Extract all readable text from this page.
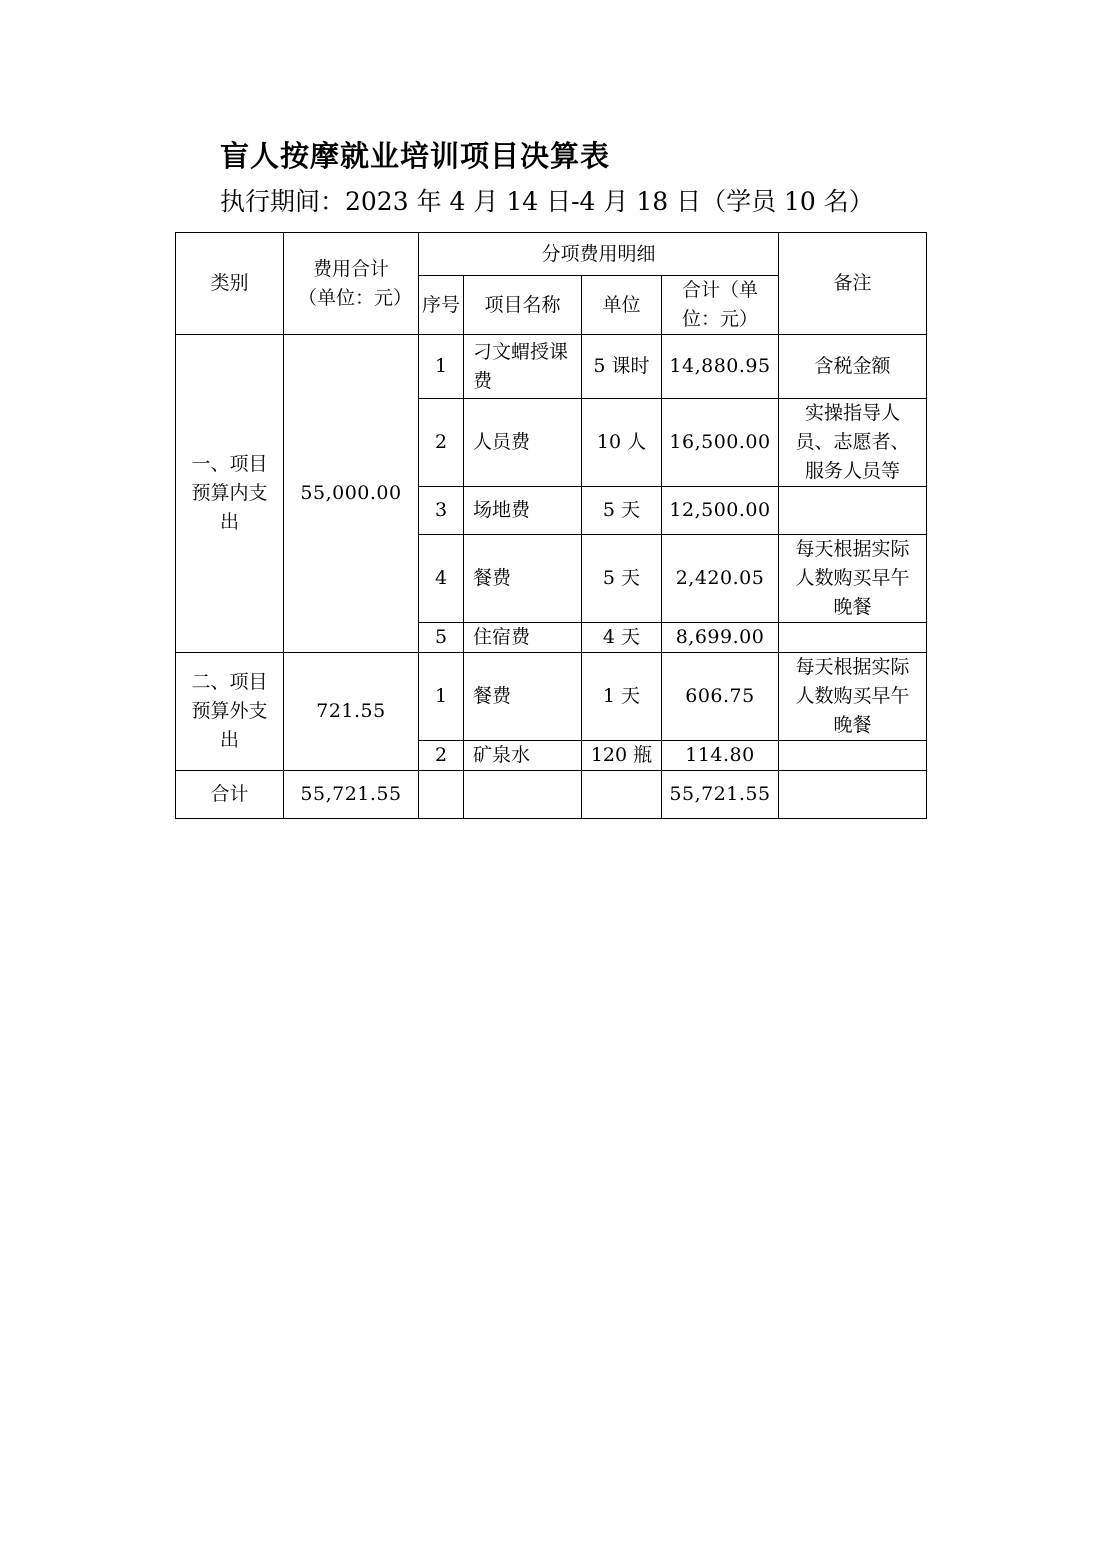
盲人按摩就业培训项目决算表
执行期间：2023 年 4 月 14 日-4 月 18 日（学员 10 名）
类别	费用合计（单位：元）	分项费用明细				备注
		序号	项目名称	单位	合计（单位：元）	
一、项目预算内支出	55,000.00	1	刁文蝟授课费	5 课时	14,880.95	含税金额
		2	人员费	10 人	16,500.00	实操指导人员、志愿者、服务人员等
		3	场地费	5 天	12,500.00	
		4	餐费	5 天	2,420.05	每天根据实际人数购买早午晚餐
		5	住宿费	4 天	8,699.00	
二、项目预算外支出	721.55	1	餐费	1 天	606.75	每天根据实际人数购买早午晚餐
		2	矿泉水	120 瓶	114.80	
合计	55,721.55				55,721.55	
